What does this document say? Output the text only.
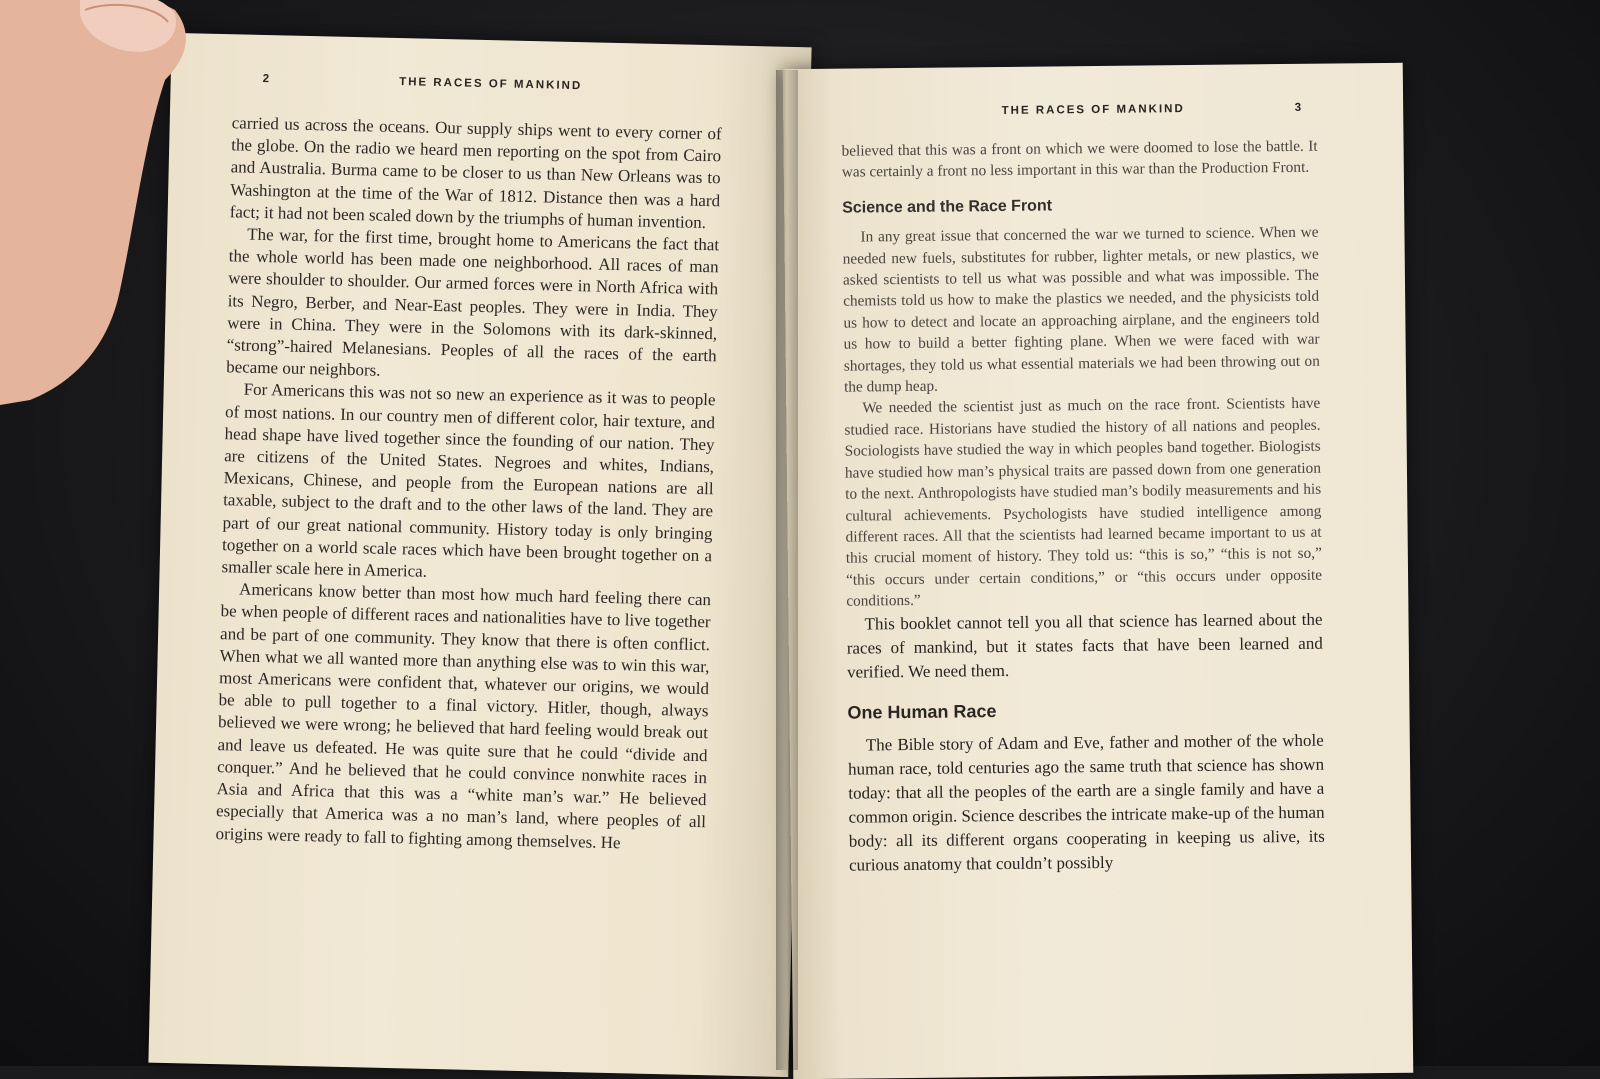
2	THE RACES OF MANKIND

carried us across the oceans. Our supply ships went to every corner of the globe. On the radio we heard men reporting on the spot from Cairo and Australia. Burma came to be closer to us than New Orleans was to Washington at the time of the War of 1812. Distance then was a hard fact; it had not been scaled down by the triumphs of human invention.

The war, for the first time, brought home to Americans the fact that the whole world has been made one neighborhood. All races of man were shoulder to shoulder. Our armed forces were in North Africa with its Negro, Berber, and Near-East peoples. They were in India. They were in China. They were in the Solomons with its dark-skinned, “strong”-haired Melanesians. Peoples of all the races of the earth became our neighbors.

For Americans this was not so new an experience as it was to people of most nations. In our country men of different color, hair texture, and head shape have lived together since the founding of our nation. They are citizens of the United States. Negroes and whites, Indians, Mexicans, Chinese, and people from the European nations are all taxable, subject to the draft and to the other laws of the land. They are part of our great national community. History today is only bringing together on a world scale races which have been brought together on a smaller scale here in America.

Americans know better than most how much hard feeling there can be when people of different races and nationalities have to live together and be part of one community. They know that there is often conflict. When what we all wanted more than anything else was to win this war, most Americans were confident that, whatever our origins, we would be able to pull together to a final victory. Hitler, though, always believed we were wrong; he believed that hard feeling would break out and leave us defeated. He was quite sure that he could “divide and conquer.” And he believed that he could convince nonwhite races in Asia and Africa that this was a “white man’s war.” He believed especially that America was a no man’s land, where peoples of all origins were ready to fall to fighting among themselves. He

THE RACES OF MANKIND	3

believed that this was a front on which we were doomed to lose the battle. It was certainly a front no less important in this war than the Production Front.

Science and the Race Front

In any great issue that concerned the war we turned to science. When we needed new fuels, substitutes for rubber, lighter metals, or new plastics, we asked scientists to tell us what was possible and what was impossible. The chemists told us how to make the plastics we needed, and the physicists told us how to detect and locate an approaching airplane, and the engineers told us how to build a better fighting plane. When we were faced with war shortages, they told us what essential materials we had been throwing out on the dump heap.

We needed the scientist just as much on the race front. Scientists have studied race. Historians have studied the history of all nations and peoples. Sociologists have studied the way in which peoples band together. Biologists have studied how man’s physical traits are passed down from one generation to the next. Anthropologists have studied man’s bodily measurements and his cultural achievements. Psychologists have studied intelligence among different races. All that the scientists had learned became important to us at this crucial moment of history. They told us: “this is so,” “this is not so,” “this occurs under certain conditions,” or “this occurs under opposite conditions.”

This booklet cannot tell you all that science has learned about the races of mankind, but it states facts that have been learned and verified. We need them.

One Human Race

The Bible story of Adam and Eve, father and mother of the whole human race, told centuries ago the same truth that science has shown today: that all the peoples of the earth are a single family and have a common origin. Science describes the intricate make-up of the human body: all its different organs cooperating in keeping us alive, its curious anatomy that couldn’t possibly
